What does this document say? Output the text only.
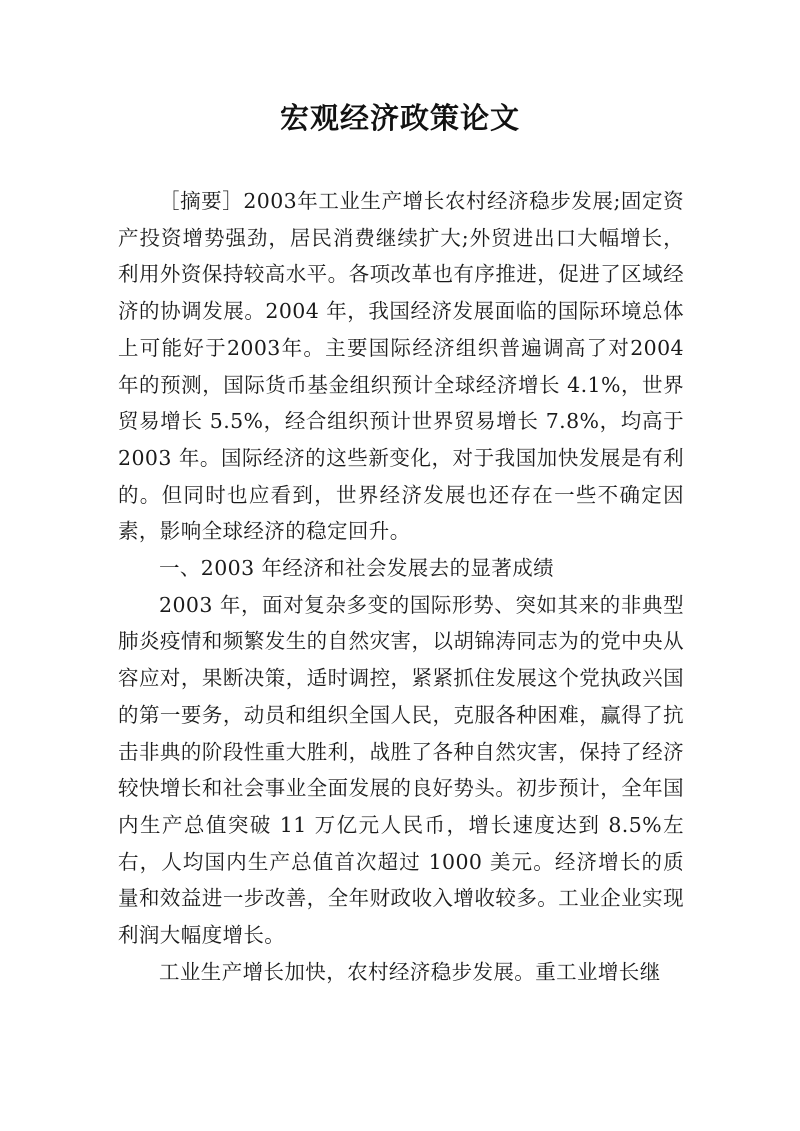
宏观经济政策论文

［摘要］2003年工业生产增长农村经济稳步发展;固定资产投资增势强劲，居民消费继续扩大;外贸进出口大幅增长，利用外资保持较高水平。各项改革也有序推进，促进了区域经济的协调发展。2004 年，我国经济发展面临的国际环境总体上可能好于2003年。主要国际经济组织普遍调高了对2004年的预测，国际货币基金组织预计全球经济增长 4.1%，世界贸易增长 5.5%，经合组织预计世界贸易增长 7.8%，均高于2003 年。国际经济的这些新变化，对于我国加快发展是有利的。但同时也应看到，世界经济发展也还存在一些不确定因素，影响全球经济的稳定回升。

一、2003 年经济和社会发展去的显著成绩

2003 年，面对复杂多变的国际形势、突如其来的非典型肺炎疫情和频繁发生的自然灾害，以胡锦涛同志为的党中央从容应对，果断决策，适时调控，紧紧抓住发展这个党执政兴国的第一要务，动员和组织全国人民，克服各种困难，赢得了抗击非典的阶段性重大胜利，战胜了各种自然灾害，保持了经济较快增长和社会事业全面发展的良好势头。初步预计，全年国内生产总值突破 11 万亿元人民币，增长速度达到 8.5%左右，人均国内生产总值首次超过 1000 美元。经济增长的质量和效益进一步改善，全年财政收入增收较多。工业企业实现利润大幅度增长。

工业生产增长加快，农村经济稳步发展。重工业增长继
